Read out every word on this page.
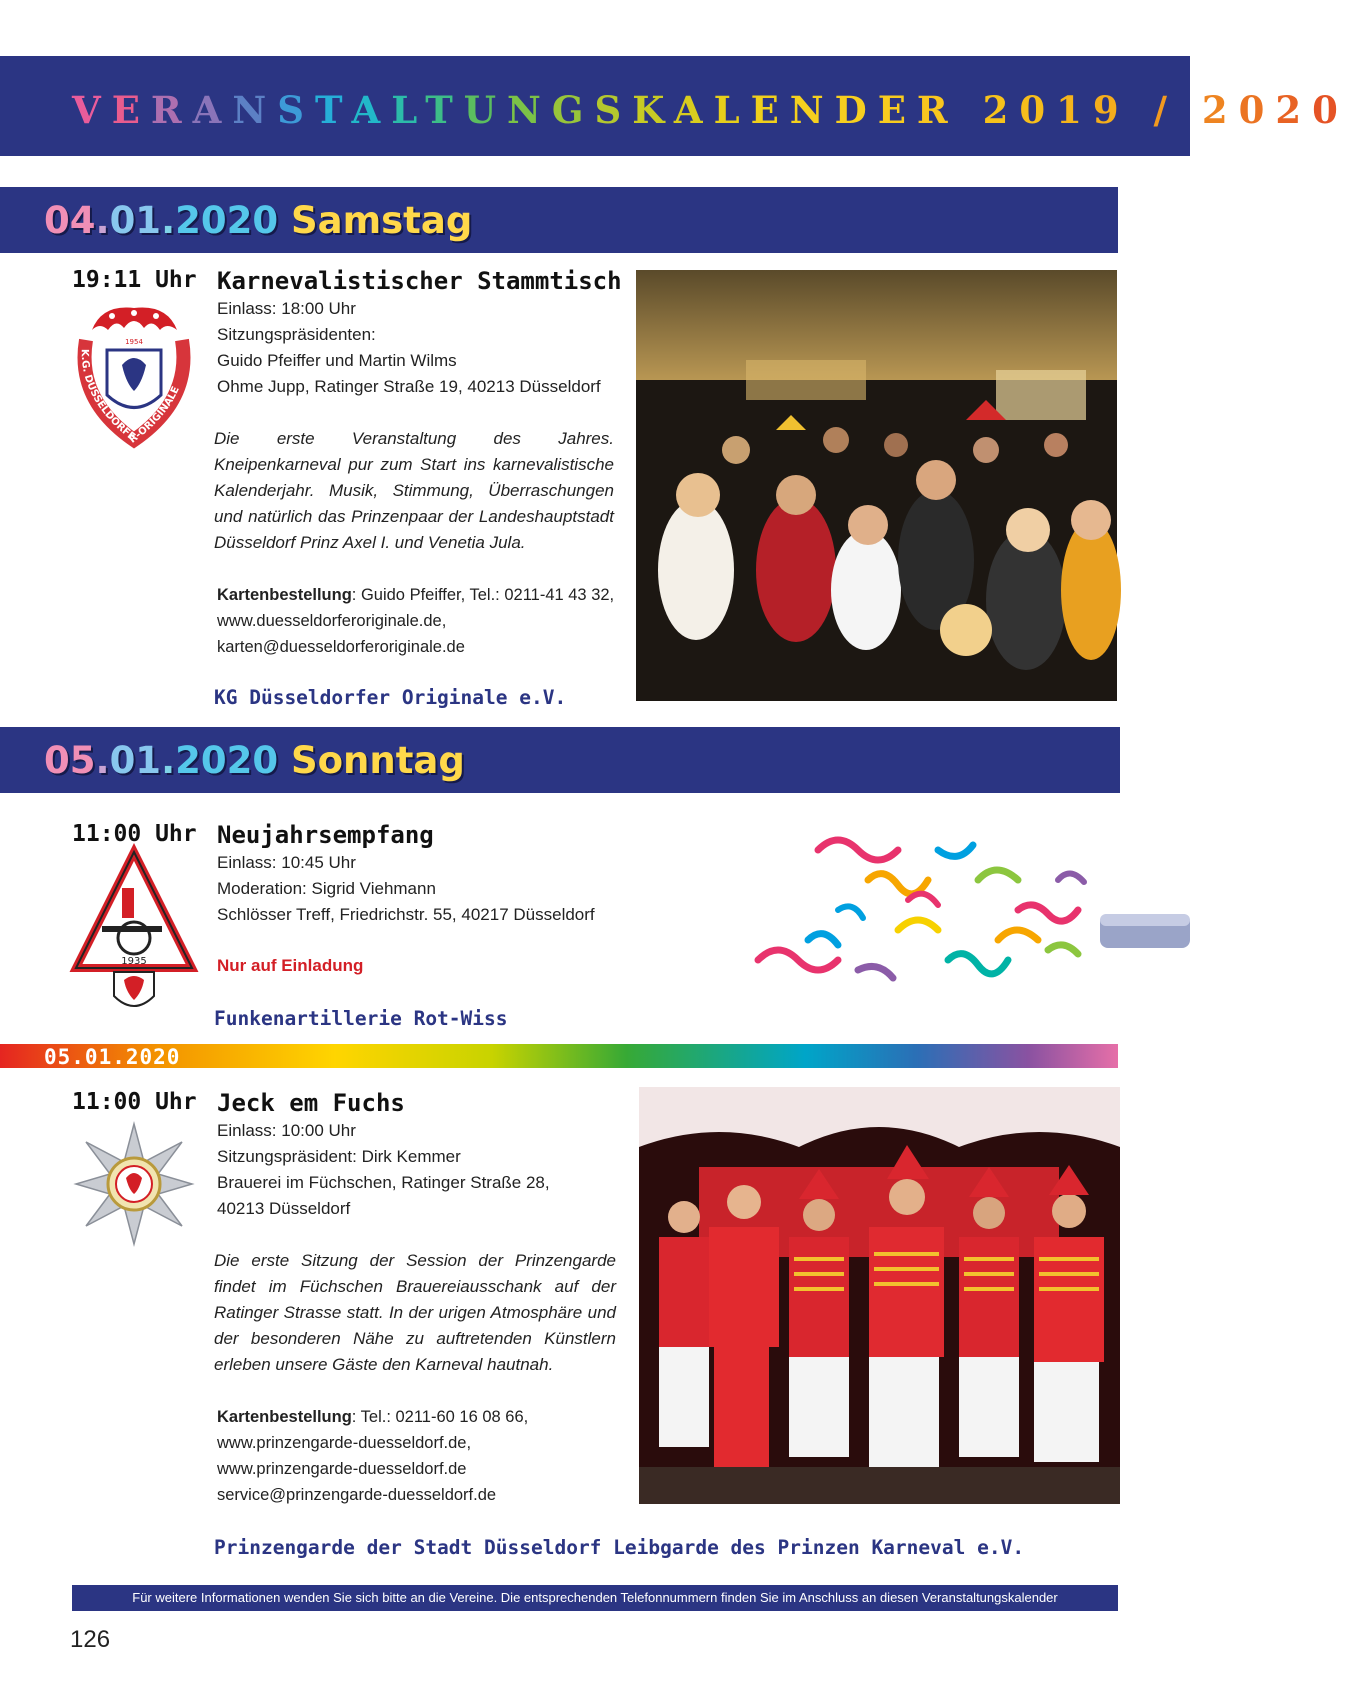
VERANSTALTUNGSKALENDER 2019 / 2020
04.01.2020 Samstag
19:11 Uhr Karnevalistischer Stammtisch
1954
K.G. DÜSSELDORFER-ORIGINALE
Einlass: 18:00 Uhr
Sitzungspräsidenten:
Guido Pfeiffer und Martin Wilms
Ohme Jupp, Ratinger Straße 19, 40213 Düsseldorf
Die erste Veranstaltung des Jahres. Kneipenkarneval pur zum Start ins karnevalistische Kalenderjahr. Musik, Stimmung, Überraschungen und natürlich das Prinzenpaar der Landeshauptstadt Düsseldorf Prinz Axel I. und Venetia Jula.
Kartenbestellung: Guido Pfeiffer, Tel.: 0211-41 43 32,
www.duesseldorferoriginale.de,
karten@duesseldorferoriginale.de
KG Düsseldorfer Originale e.V.
05.01.2020 Sonntag
11:00 Uhr Neujahrsempfang
1935
Einlass: 10:45 Uhr
Moderation: Sigrid Viehmann
Schlösser Treff, Friedrichstr. 55, 40217 Düsseldorf
Nur auf Einladung
Funkenartillerie Rot-Wiss
05.01.2020
11:00 Uhr Jeck em Fuchs
Einlass: 10:00 Uhr
Sitzungspräsident: Dirk Kemmer
Brauerei im Füchschen, Ratinger Straße 28,
40213 Düsseldorf
Die erste Sitzung der Session der Prinzengarde findet im Füchschen Brauereiausschank auf der Ratinger Strasse statt. In der urigen Atmosphäre und der besonderen Nähe zu auftretenden Künstlern erleben unsere Gäste den Karneval hautnah.
Kartenbestellung: Tel.: 0211-60 16 08 66,
www.prinzengarde-duesseldorf.de,
www.prinzengarde-duesseldorf.de
service@prinzengarde-duesseldorf.de
Prinzengarde der Stadt Düsseldorf Leibgarde des Prinzen Karneval e.V.
Für weitere Informationen wenden Sie sich bitte an die Vereine. Die entsprechenden Telefonnummern finden Sie im Anschluss an diesen Veranstaltungskalender
126
